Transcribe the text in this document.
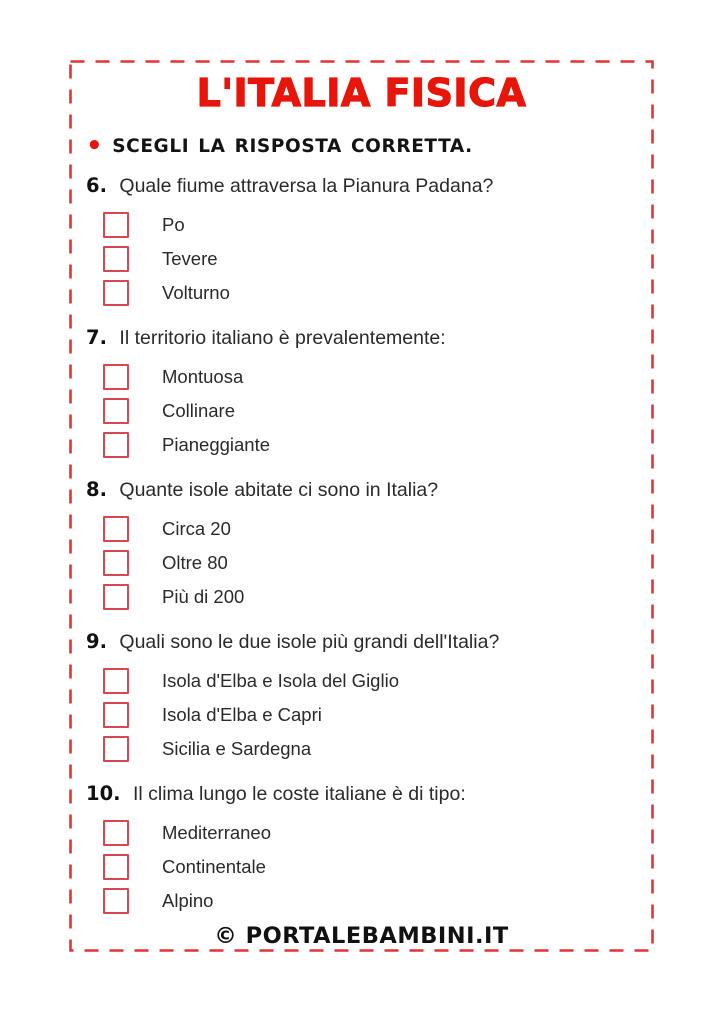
L'ITALIA FISICA
• SCEGLI LA RISPOSTA CORRETTA.
6. Quale fiume attraversa la Pianura Padana?
Po
Tevere
Volturno
7. Il territorio italiano è prevalentemente:
Montuosa
Collinare
Pianeggiante
8. Quante isole abitate ci sono in Italia?
Circa 20
Oltre 80
Più di 200
9. Quali sono le due isole più grandi dell'Italia?
Isola d'Elba e Isola del Giglio
Isola d'Elba e Capri
Sicilia e Sardegna
10. Il clima lungo le coste italiane è di tipo:
Mediterraneo
Continentale
Alpino
© PORTALEBAMBINI.IT
